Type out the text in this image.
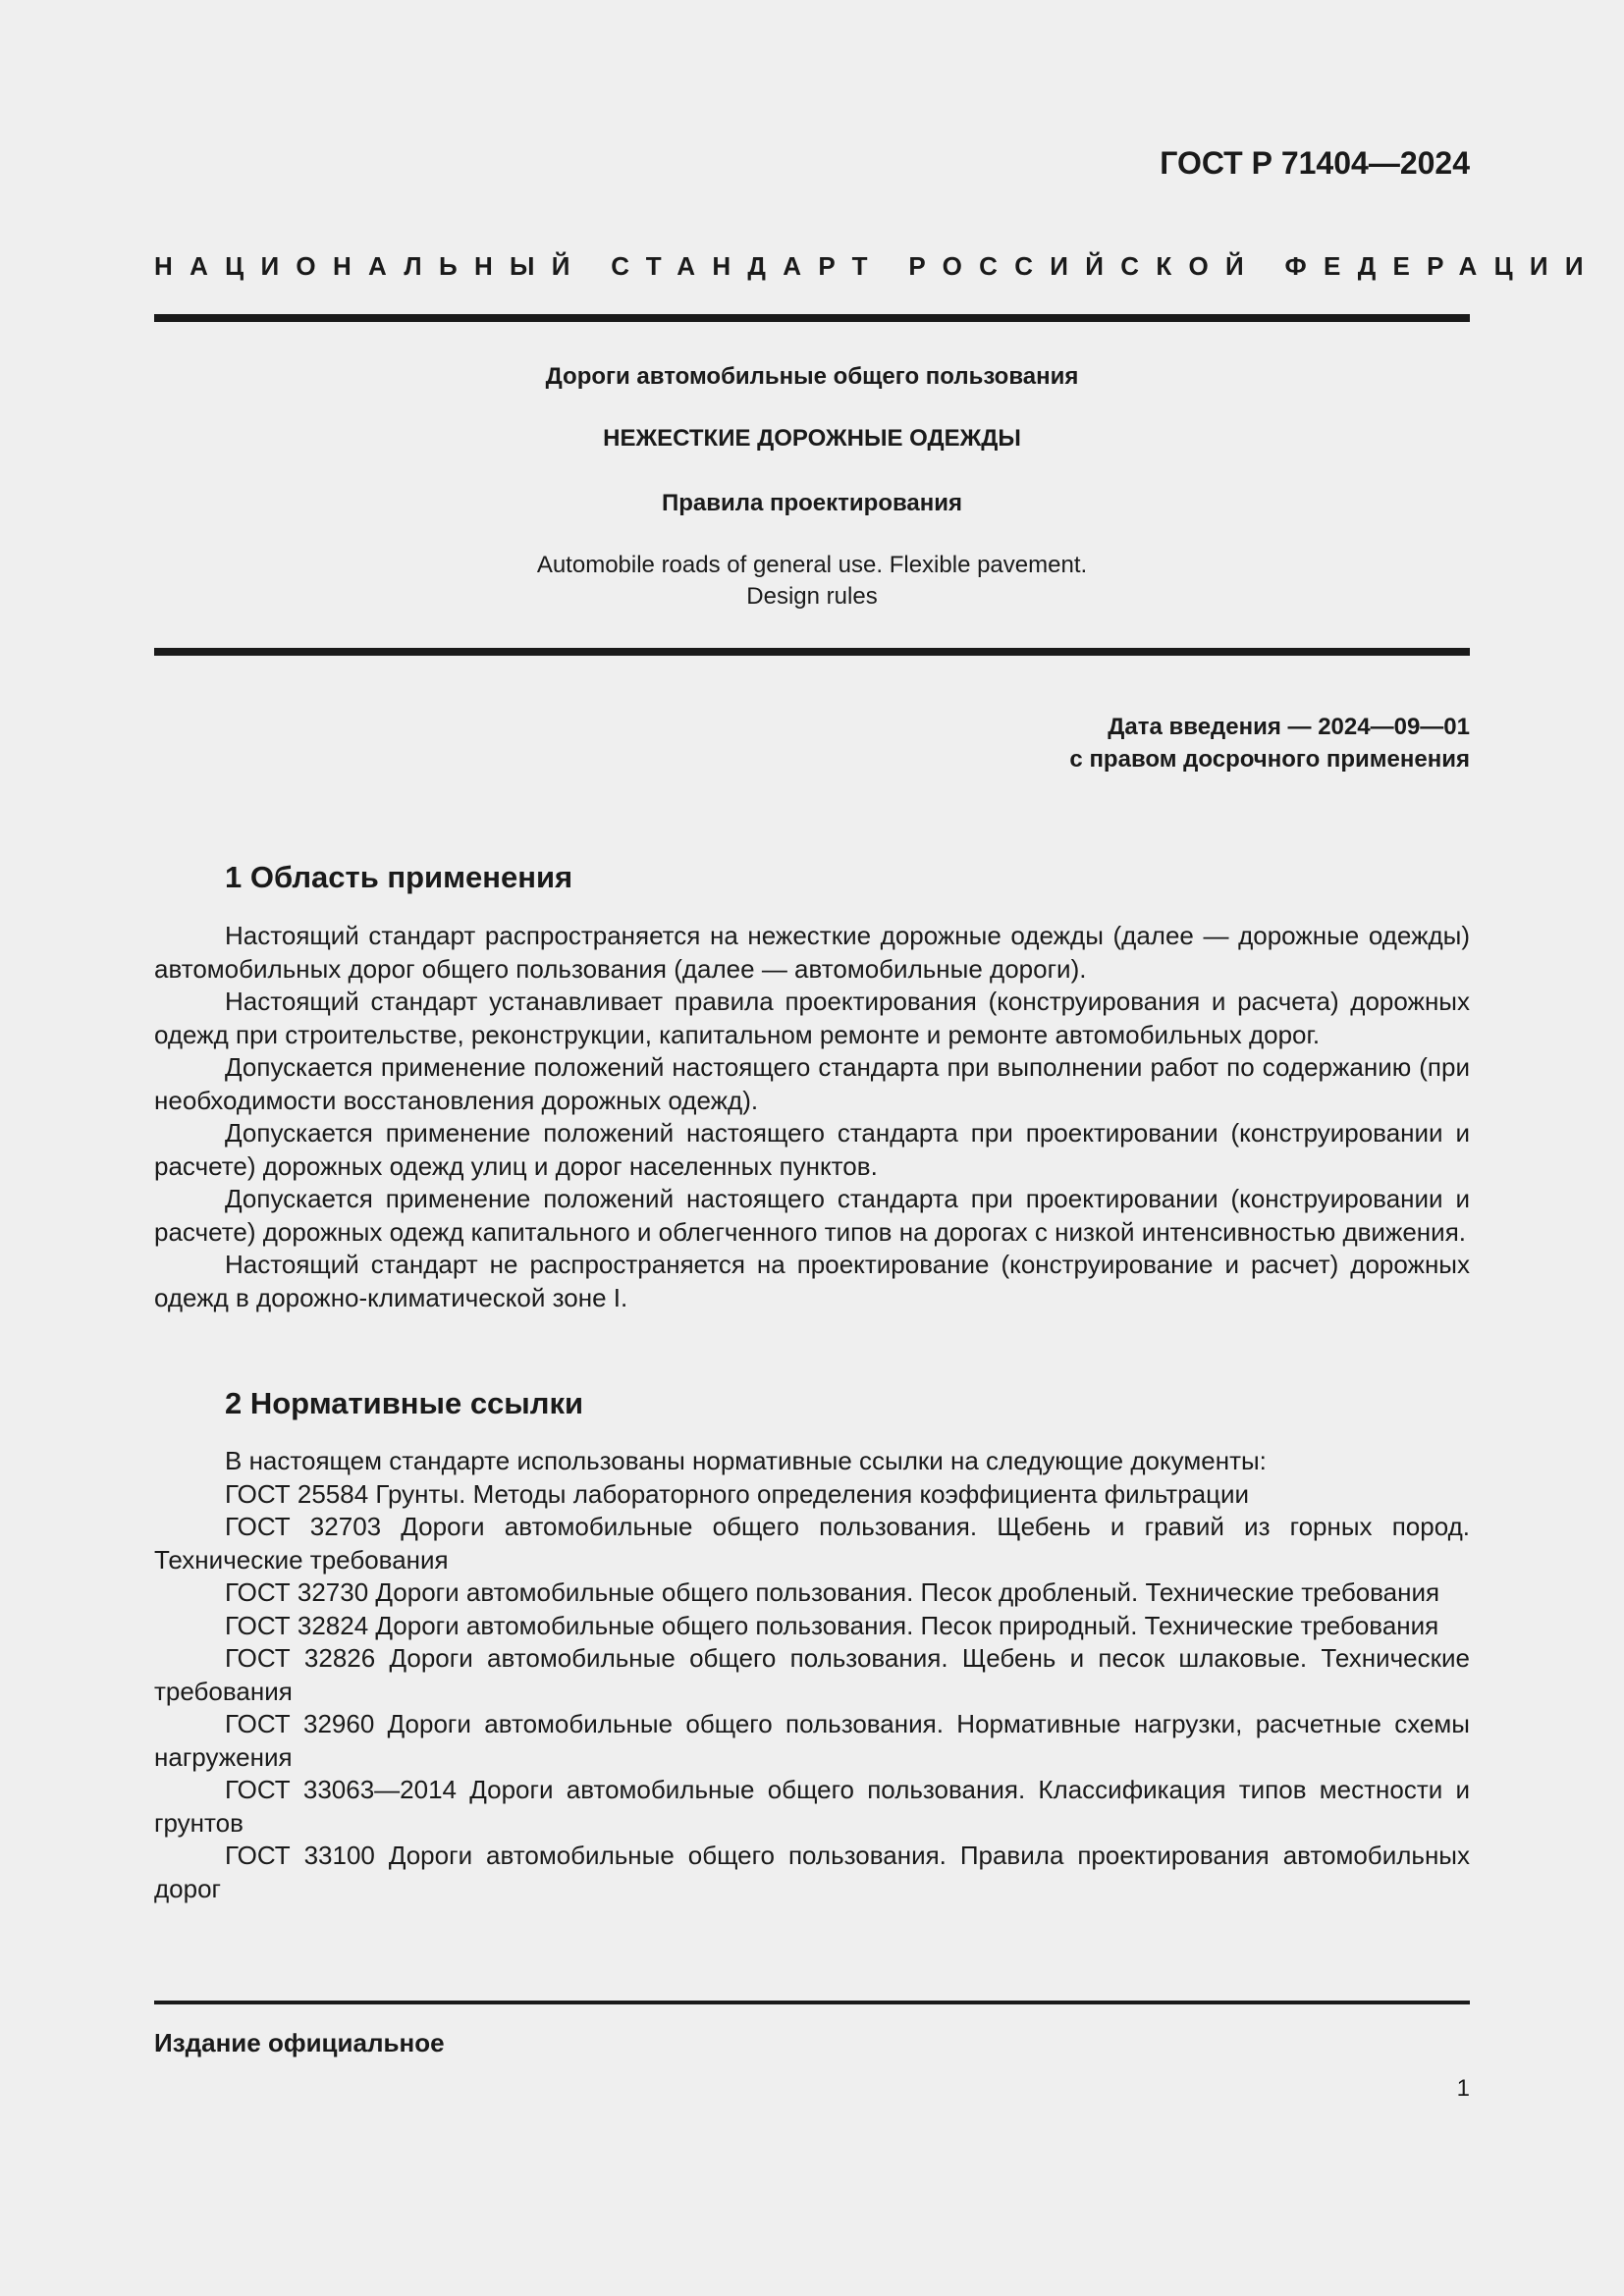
ГОСТ Р 71404—2024
НАЦИОНАЛЬНЫЙ СТАНДАРТ РОССИЙСКОЙ ФЕДЕРАЦИИ
Дороги автомобильные общего пользования
НЕЖЕСТКИЕ ДОРОЖНЫЕ ОДЕЖДЫ
Правила проектирования
Automobile roads of general use. Flexible pavement.
Design rules
Дата введения — 2024—09—01
с правом досрочного применения
1 Область применения

Настоящий стандарт распространяется на нежесткие дорожные одежды (далее — дорожные одежды) автомобильных дорог общего пользования (далее — автомобильные дороги).

Настоящий стандарт устанавливает правила проектирования (конструирования и расчета) дорожных одежд при строительстве, реконструкции, капитальном ремонте и ремонте автомобильных дорог.

Допускается применение положений настоящего стандарта при выполнении работ по содержанию (при необходимости восстановления дорожных одежд).

Допускается применение положений настоящего стандарта при проектировании (конструировании и расчете) дорожных одежд улиц и дорог населенных пунктов.

Допускается применение положений настоящего стандарта при проектировании (конструировании и расчете) дорожных одежд капитального и облегченного типов на дорогах с низкой интенсивностью движения.

Настоящий стандарт не распространяется на проектирование (конструирование и расчет) дорожных одежд в дорожно-климатической зоне I.

2 Нормативные ссылки

В настоящем стандарте использованы нормативные ссылки на следующие документы:

ГОСТ 25584 Грунты. Методы лабораторного определения коэффициента фильтрации

ГОСТ 32703 Дороги автомобильные общего пользования. Щебень и гравий из горных пород. Технические требования

ГОСТ 32730 Дороги автомобильные общего пользования. Песок дробленый. Технические требования

ГОСТ 32824 Дороги автомобильные общего пользования. Песок природный. Технические требования

ГОСТ 32826 Дороги автомобильные общего пользования. Щебень и песок шлаковые. Технические требования

ГОСТ 32960 Дороги автомобильные общего пользования. Нормативные нагрузки, расчетные схемы нагружения

ГОСТ 33063—2014 Дороги автомобильные общего пользования. Классификация типов местности и грунтов

ГОСТ 33100 Дороги автомобильные общего пользования. Правила проектирования автомобильных дорог

Издание официальное
1
